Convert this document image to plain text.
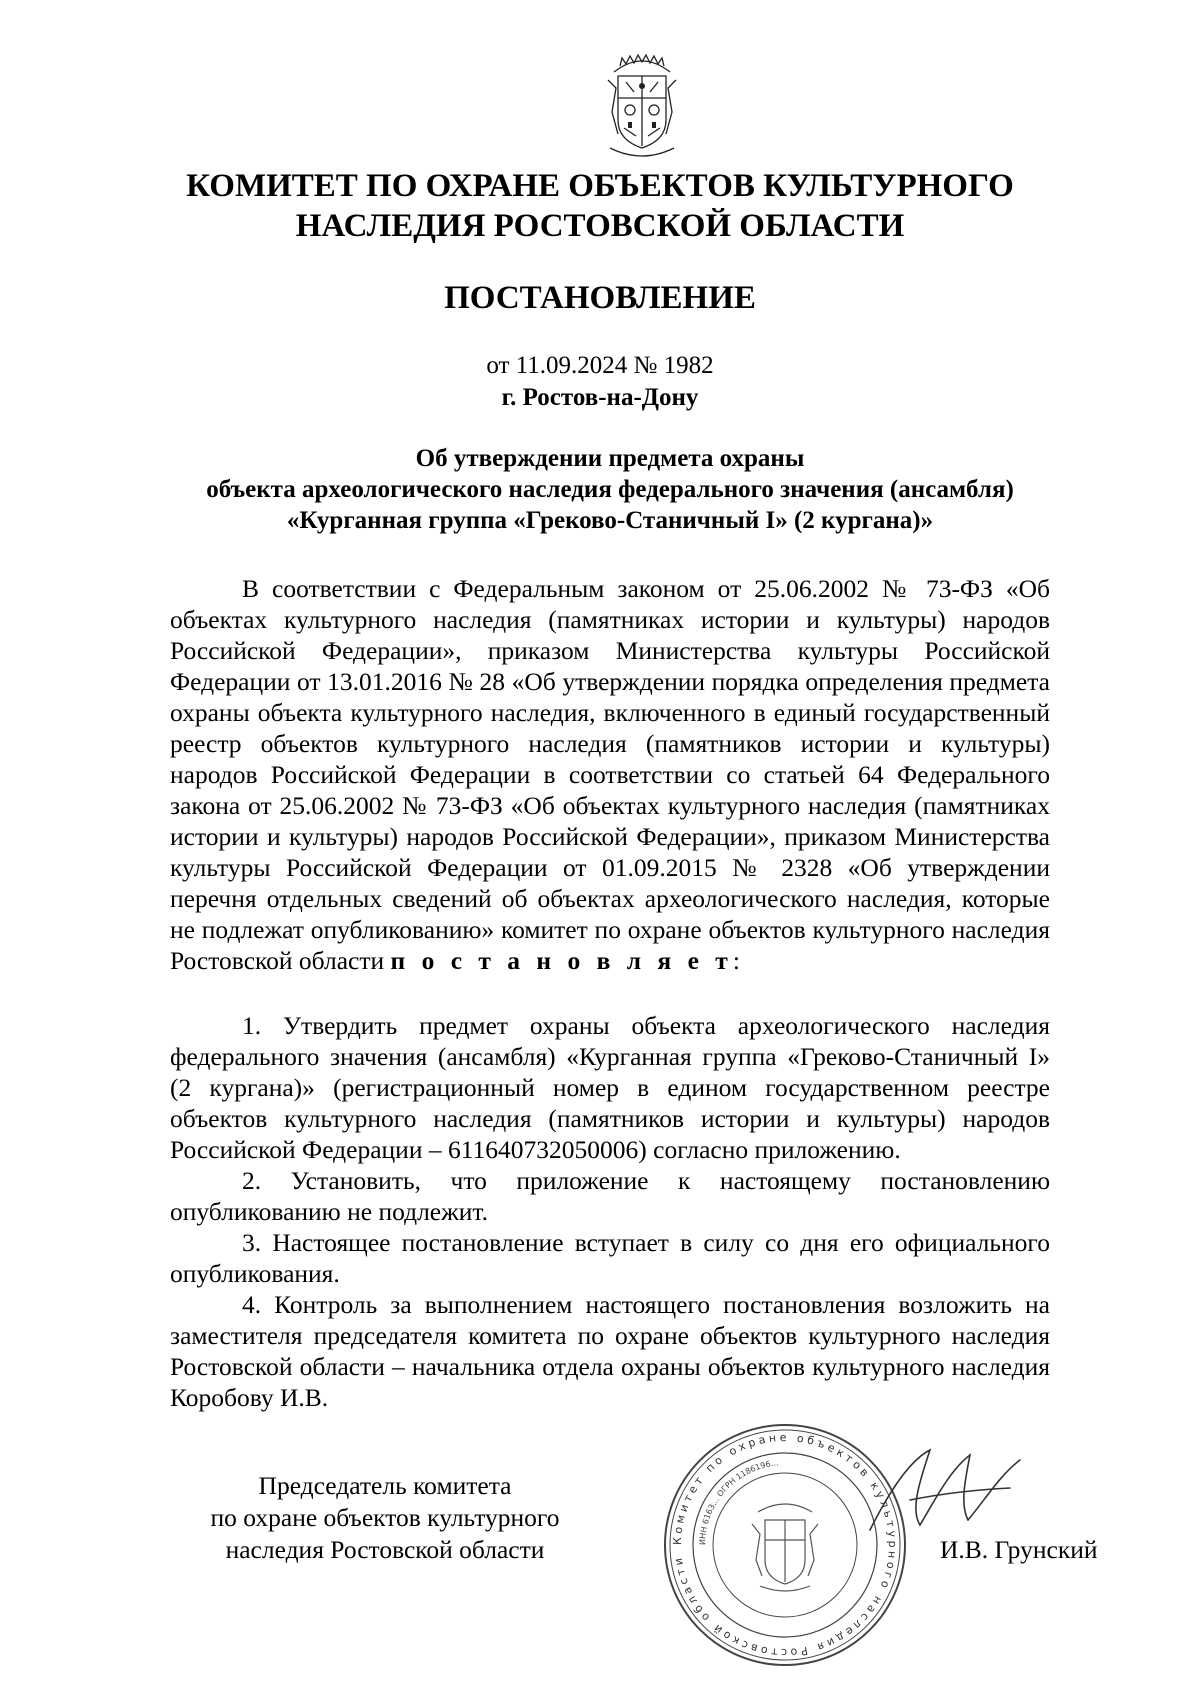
КОМИТЕТ ПО ОХРАНЕ ОБЪЕКТОВ КУЛЬТУРНОГО
НАСЛЕДИЯ РОСТОВСКОЙ ОБЛАСТИ
ПОСТАНОВЛЕНИЕ
от 11.09.2024 № 1982
г. Ростов-на-Дону
Об утверждении предмета охраны
объекта археологического наследия федерального значения (ансамбля)
«Курганная группа «Греково-Станичный I» (2 кургана)»

В соответствии с Федеральным законом от 25.06.2002 № 73-ФЗ «Об объектах культурного наследия (памятниках истории и культуры) народов Российской Федерации», приказом Министерства культуры Российской Федерации от 13.01.2016 № 28 «Об утверждении порядка определения предмета охраны объекта культурного наследия, включенного в единый государственный реестр объектов культурного наследия (памятников истории и культуры) народов Российской Федерации в соответствии со статьей 64 Федерального закона от 25.06.2002 № 73-ФЗ «Об объектах культурного наследия (памятниках истории и культуры) народов Российской Федерации», приказом Министерства культуры Российской Федерации от 01.09.2015 № 2328 «Об утверждении перечня отдельных сведений об объектах археологического наследия, которые не подлежат опубликованию» комитет по охране объектов культурного наследия Ростовской области п о с т а н о в л я е т:

1. Утвердить предмет охраны объекта археологического наследия федерального значения (ансамбля) «Курганная группа «Греково-Станичный I» (2 кургана)» (регистрационный номер в едином государственном реестре объектов культурного наследия (памятников истории и культуры) народов Российской Федерации – 611640732050006) согласно приложению.

2. Установить, что приложение к настоящему постановлению опубликованию не подлежит.

3. Настоящее постановление вступает в силу со дня его официального опубликования.

4. Контроль за выполнением настоящего постановления возложить на заместителя председателя комитета по охране объектов культурного наследия Ростовской области – начальника отдела охраны объектов культурного наследия Коробову И.В.

Председатель комитета
по охране объектов культурного
наследия Ростовской области	Комитет по охране объектов культурного наследия Ростовской области
ИНН 6163... ОГРН 1186196...
И.В. Грунский
